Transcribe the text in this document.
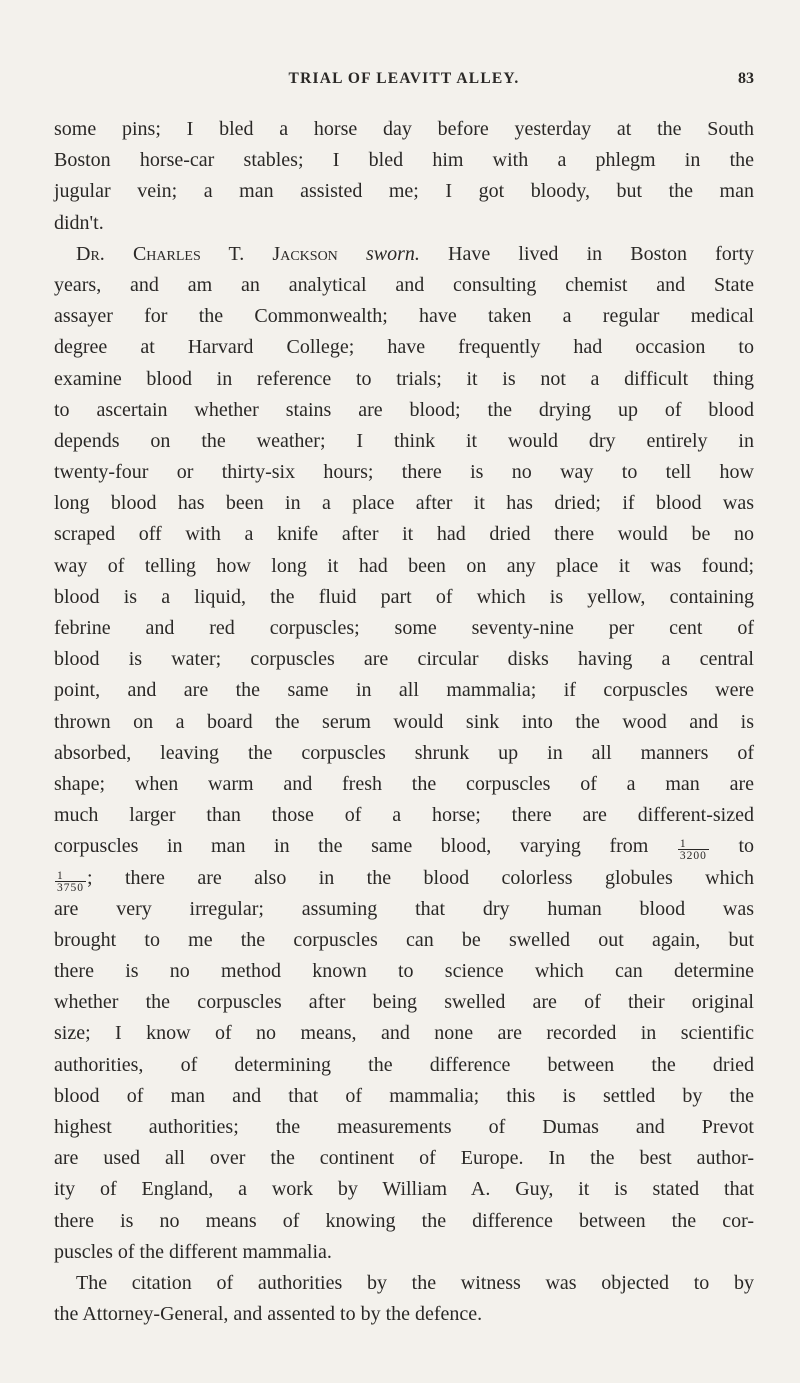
TRIAL OF LEAVITT ALLEY.	83
some pins; I bled a horse day before yesterday at the South
Boston horse-car stables; I bled him with a phlegm in the
jugular vein; a man assisted me; I got bloody, but the man
didn't.
Dr. Charles T. Jackson sworn. Have lived in Boston forty
years, and am an analytical and consulting chemist and State
assayer for the Commonwealth; have taken a regular medical
degree at Harvard College; have frequently had occasion to
examine blood in reference to trials; it is not a difficult thing
to ascertain whether stains are blood; the drying up of blood
depends on the weather; I think it would dry entirely in
twenty-four or thirty-six hours; there is no way to tell how
long blood has been in a place after it has dried; if blood was
scraped off with a knife after it had dried there would be no
way of telling how long it had been on any place it was found;
blood is a liquid, the fluid part of which is yellow, containing
febrine and red corpuscles; some seventy-nine per cent of
blood is water; corpuscles are circular disks having a central
point, and are the same in all mammalia; if corpuscles were
thrown on a board the serum would sink into the wood and is
absorbed, leaving the corpuscles shrunk up in all manners of
shape; when warm and fresh the corpuscles of a man are
much larger than those of a horse; there are different-sized
corpuscles in man in the same blood, varying from $\frac{1}{3200}$ to
$\frac{1}{3750}$ ; there are also in the blood colorless globules which
are very irregular; assuming that dry human blood was
brought to me the corpuscles can be swelled out again, but
there is no method known to science which can determine
whether the corpuscles after being swelled are of their original
size; I know of no means, and none are recorded in scientific
authorities, of determining the difference between the dried
blood of man and that of mammalia; this is settled by the
highest authorities; the measurements of Dumas and Prevot
are used all over the continent of Europe. In the best author-
ity of England, a work by William A. Guy, it is stated that
there is no means of knowing the difference between the cor-
puscles of the different mammalia.
The citation of authorities by the witness was objected to by
the Attorney-General, and assented to by the defence.
